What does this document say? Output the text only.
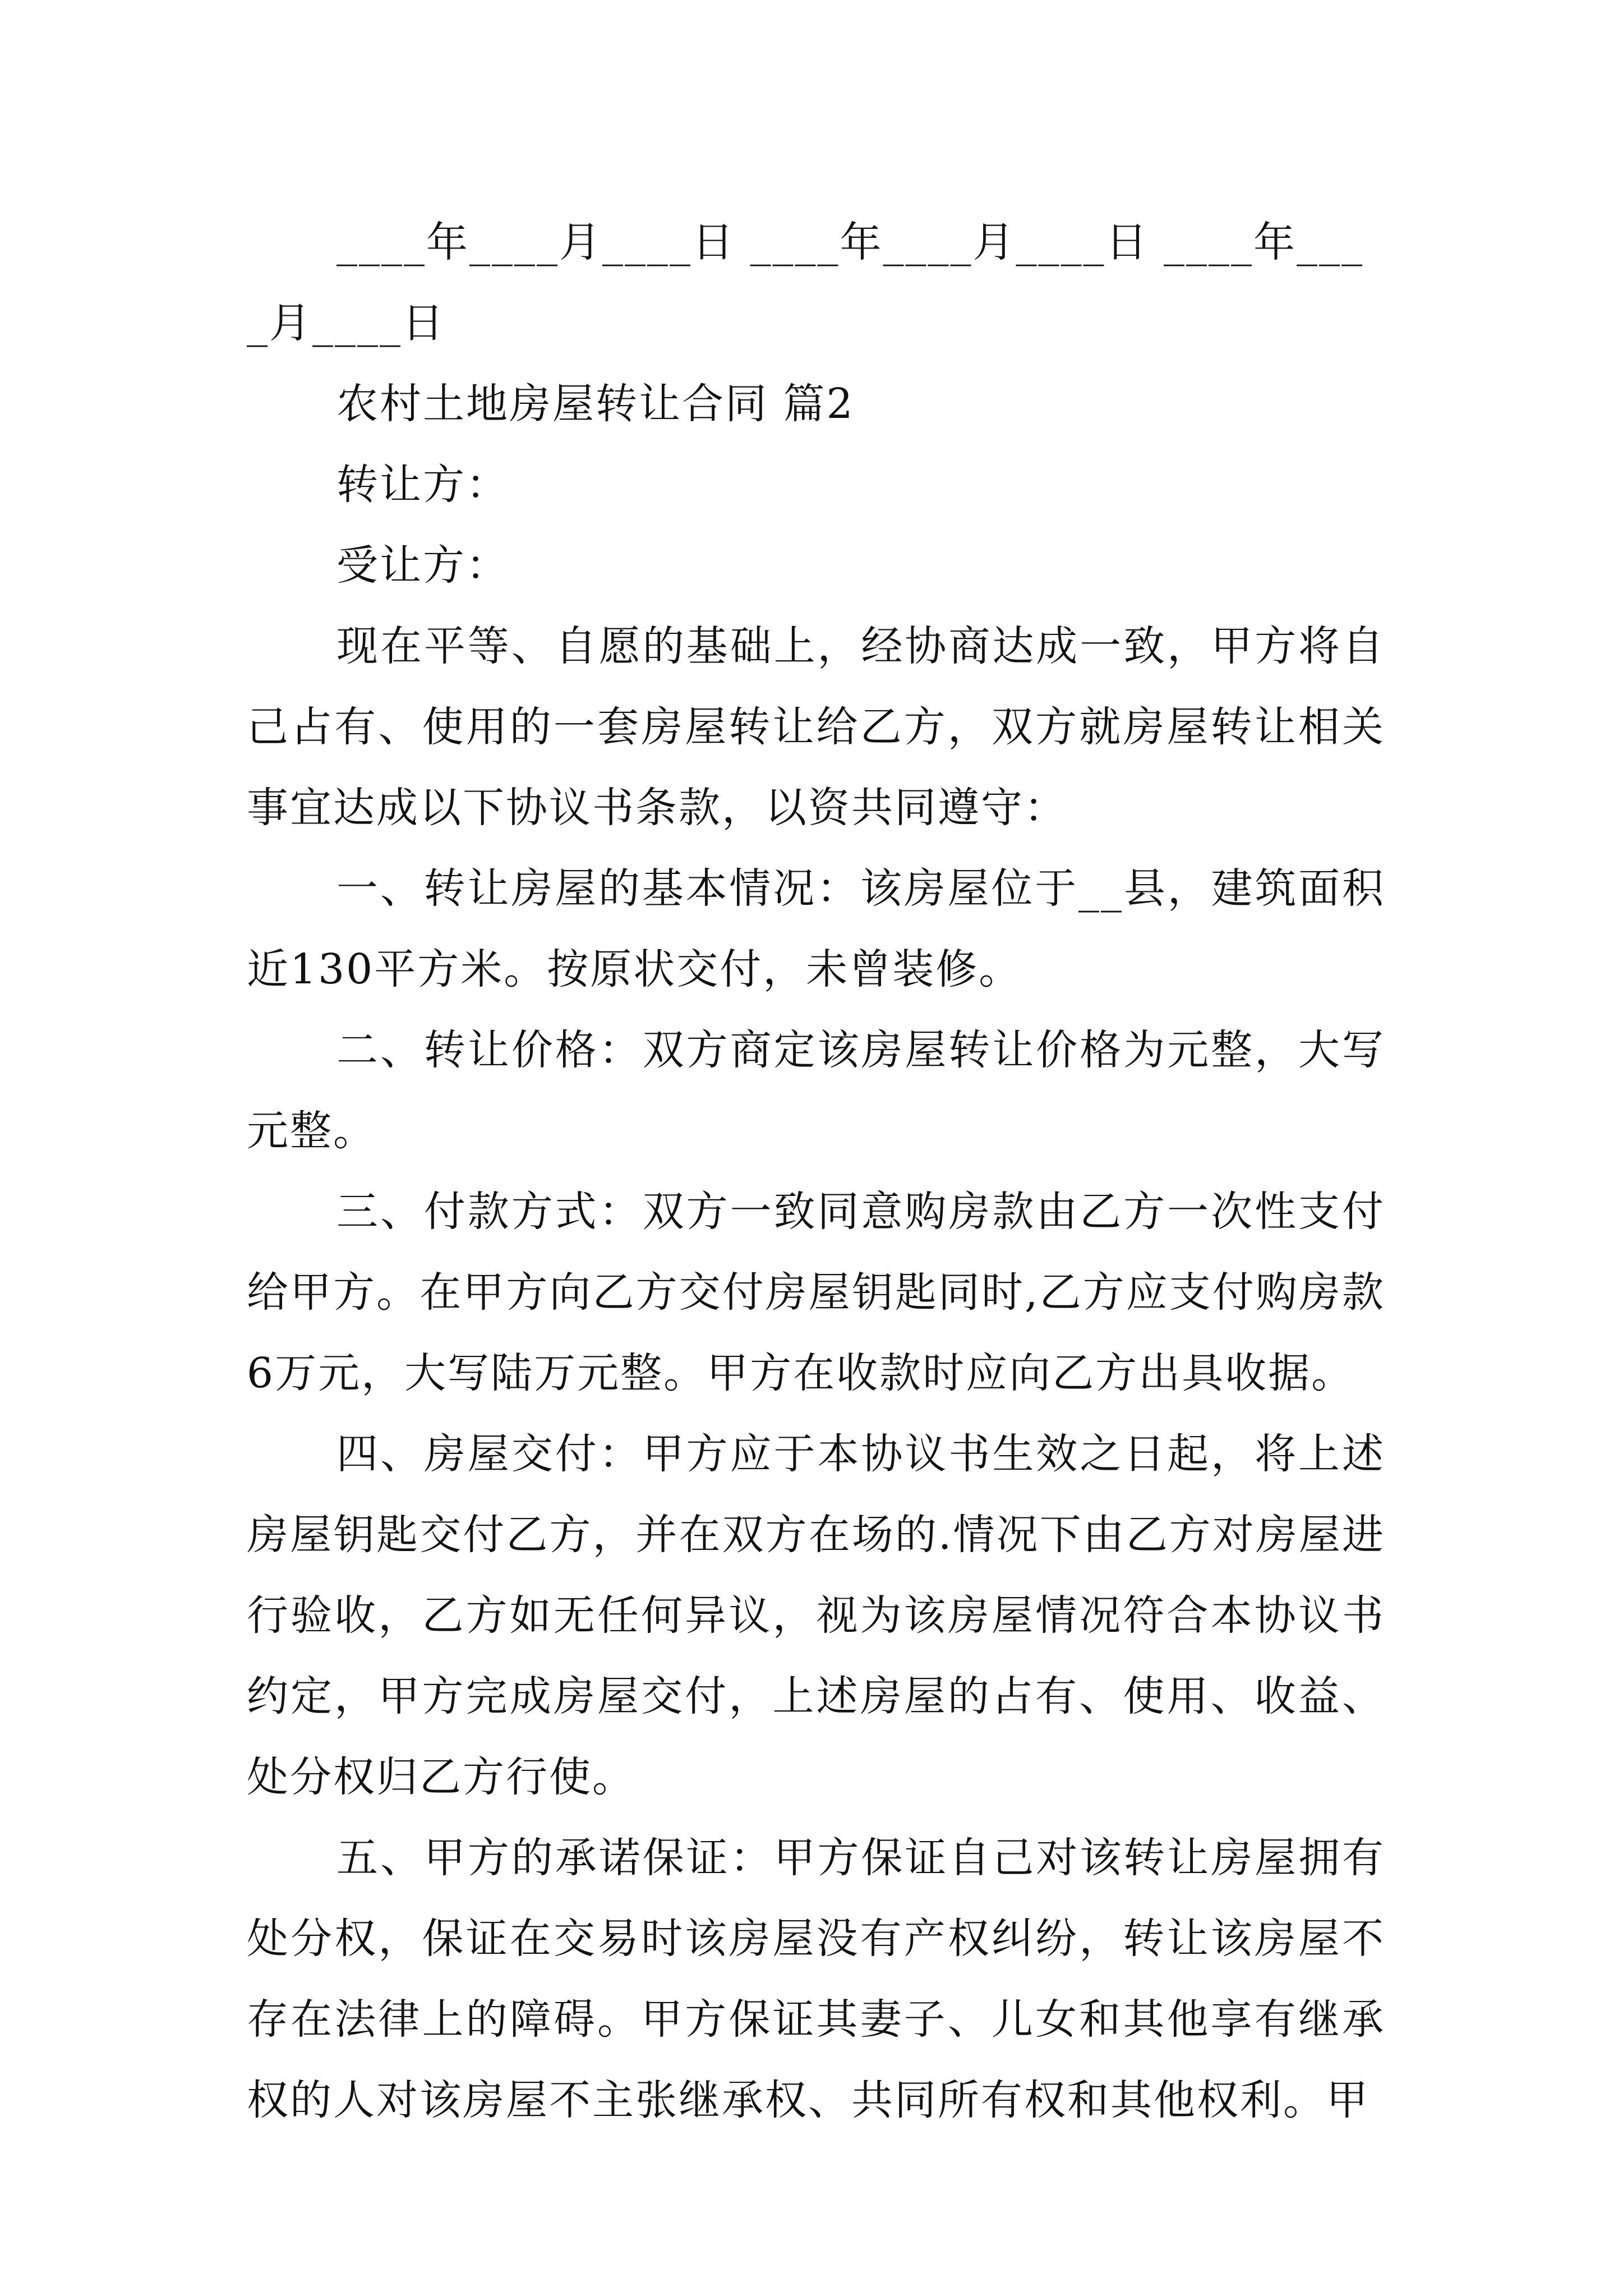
____年____月____日 ____年____月____日 ____年____月____日

农村土地房屋转让合同 篇2

转让方：

受让方：

现在平等、自愿的基础上，经协商达成一致，甲方将自己占有、使用的一套房屋转让给乙方，双方就房屋转让相关事宜达成以下协议书条款，以资共同遵守：

一、转让房屋的基本情况：该房屋位于__县，建筑面积近130平方米。按原状交付，未曾装修。

二、转让价格：双方商定该房屋转让价格为元整，大写元整。

三、付款方式：双方一致同意购房款由乙方一次性支付给甲方。在甲方向乙方交付房屋钥匙同时,乙方应支付购房款6万元，大写陆万元整。甲方在收款时应向乙方出具收据。

四、房屋交付：甲方应于本协议书生效之日起，将上述房屋钥匙交付乙方，并在双方在场的.情况下由乙方对房屋进行验收，乙方如无任何异议，视为该房屋情况符合本协议书约定，甲方完成房屋交付，上述房屋的占有、使用、收益、处分权归乙方行使。

五、甲方的承诺保证：甲方保证自己对该转让房屋拥有处分权，保证在交易时该房屋没有产权纠纷，转让该房屋不存在法律上的障碍。甲方保证其妻子、儿女和其他享有继承权的人对该房屋不主张继承权、共同所有权和其他权利。甲
